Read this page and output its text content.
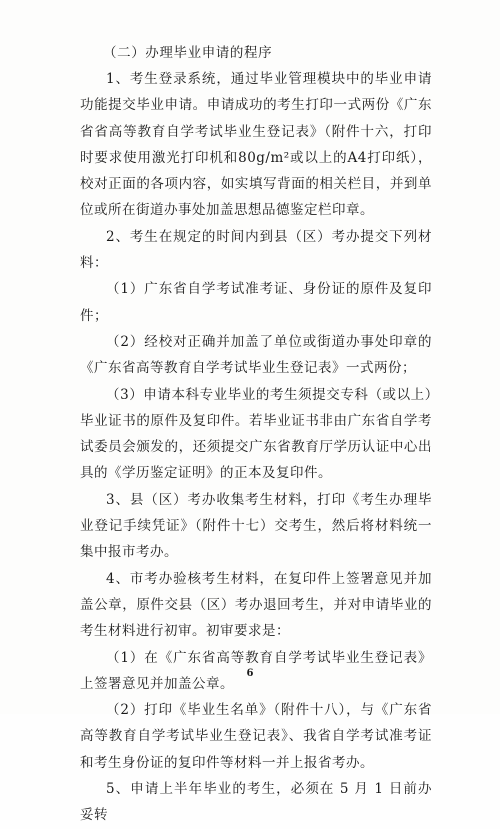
（二）办理毕业申请的程序

1、考生登录系统，通过毕业管理模块中的毕业申请功能提交毕业申请。申请成功的考生打印一式两份《广东省省高等教育自学考试毕业生登记表》（附件十六，打印时要求使用激光打印机和80g/m²或以上的A4打印纸），校对正面的各项内容，如实填写背面的相关栏目，并到单位或所在街道办事处加盖思想品德鉴定栏印章。

2、考生在规定的时间内到县（区）考办提交下列材料：

（1）广东省自学考试准考证、身份证的原件及复印件；

（2）经校对正确并加盖了单位或街道办事处印章的《广东省高等教育自学考试毕业生登记表》一式两份；

（3）申请本科专业毕业的考生须提交专科（或以上）毕业证书的原件及复印件。若毕业证书非由广东省自学考试委员会颁发的，还须提交广东省教育厅学历认证中心出具的《学历鉴定证明》的正本及复印件。

3、县（区）考办收集考生材料，打印《考生办理毕业登记手续凭证》（附件十七）交考生，然后将材料统一集中报市考办。

4、市考办验核考生材料，在复印件上签署意见并加盖公章，原件交县（区）考办退回考生，并对申请毕业的考生材料进行初审。初审要求是：

（1）在《广东省高等教育自学考试毕业生登记表》上签署意见并加盖公章。

（2）打印《毕业生名单》（附件十八），与《广东省高等教育自学考试毕业生登记表》、我省自学考试准考证和考生身份证的复印件等材料一并上报省考办。

5、申请上半年毕业的考生，必须在 5 月 1 日前办妥转

6
